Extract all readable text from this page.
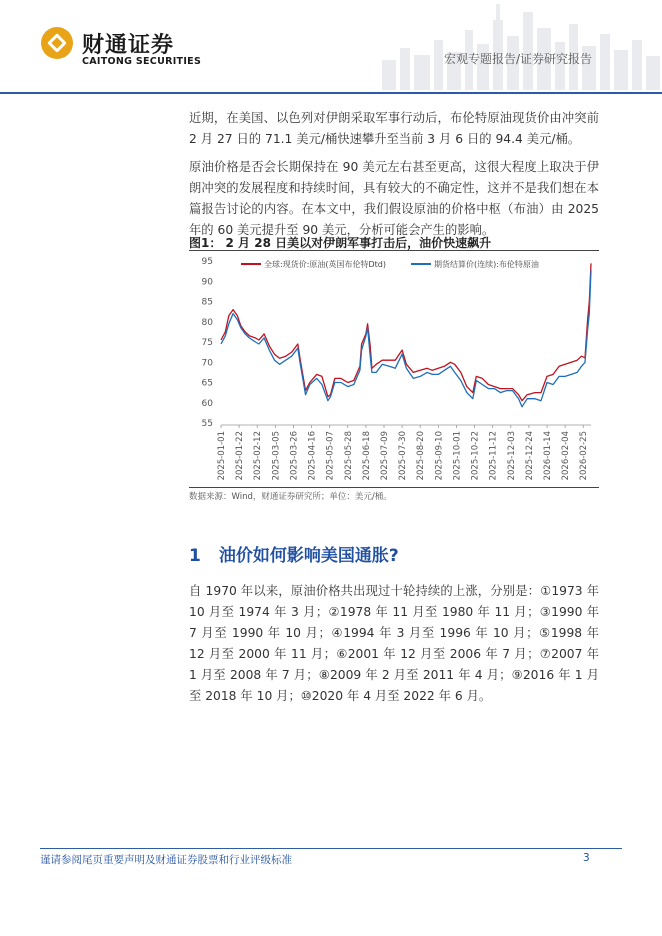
财通证券
CAITONG SECURITIES	宏观专题报告/证券研究报告

近期，在美国、以色列对伊朗采取军事行动后，布伦特原油现货价由冲突前 2 月 27 日的 71.1 美元/桶快速攀升至当前 3 月 6 日的 94.4 美元/桶。

原油价格是否会长期保持在 90 美元左右甚至更高，这很大程度上取决于伊朗冲突的发展程度和持续时间，具有较大的不确定性，这并不是我们想在本篇报告讨论的内容。在本文中，我们假设原油的价格中枢（布油）由 2025 年的 60 美元提升至 90 美元，分析可能会产生的影响。

图1： 2 月 28 日美以对伊朗军事打击后，油价快速飙升
55
60
65
70
75
80
85
90
95
2025-01-01 2025-01-22 2025-02-12 2025-03-05 2025-03-26 2025-04-16 2025-05-07 2025-05-28 2025-06-18 2025-07-09 2025-07-30 2025-08-20 2025-09-10 2025-10-01 2025-10-22 2025-11-12 2025-12-03 2025-12-24 2026-01-14 2026-02-04 2026-02-25
全球:现货价:原油(英国布伦特Dtd)	期货结算价(连续):布伦特原油
数据来源：Wind，财通证券研究所；单位：美元/桶。
1 油价如何影响美国通胀?

自 1970 年以来，原油价格共出现过十轮持续的上涨，分别是：①1973 年 10 月至 1974 年 3 月；②1978 年 11 月至 1980 年 11 月；③1990 年 7 月至 1990 年 10 月；④1994 年 3 月至 1996 年 10 月；⑤1998 年 12 月至 2000 年 11 月；⑥2001 年 12 月至 2006 年 7 月；⑦2007 年 1 月至 2008 年 7 月；⑧2009 年 2 月至 2011 年 4 月；⑨2016 年 1 月至 2018 年 10 月；⑩2020 年 4 月至 2022 年 6 月。

谨请参阅尾页重要声明及财通证券股票和行业评级标准	3
